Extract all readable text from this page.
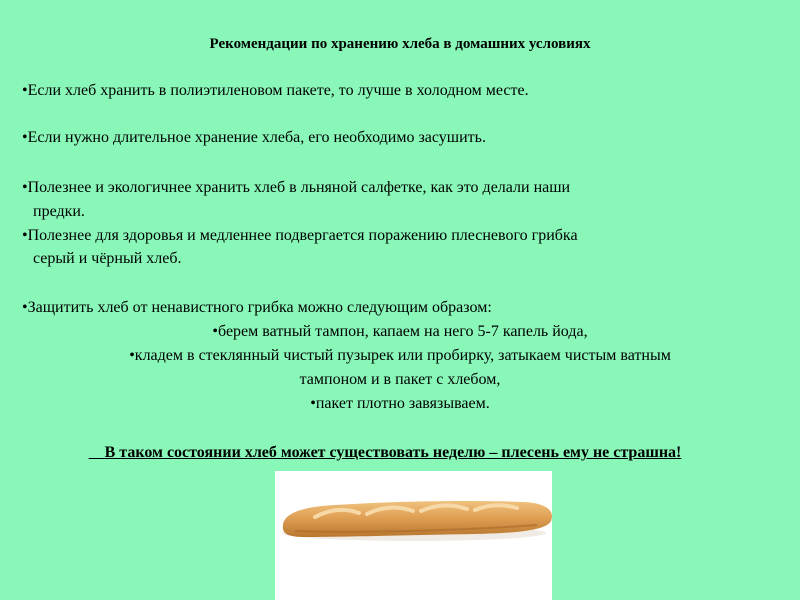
Рекомендации по хранению хлеба в домашних условиях
•Если хлеб хранить в полиэтиленовом пакете, то лучше в холодном месте.
•Если нужно длительное хранение хлеба, его необходимо засушить.
•Полезнее и экологичнее хранить хлеб в льняной салфетке, как это делали наши
предки.
•Полезнее для здоровья и медленнее подвергается поражению плесневого грибка
серый и чёрный хлеб.
•Защитить хлеб от ненавистного грибка можно следующим образом:
•берем ватный тампон, капаем на него 5-7 капель йода,
•кладем в стеклянный чистый пузырек или пробирку, затыкаем чистым ватным
тампоном и в пакет с хлебом,
•пакет плотно завязываем.
В таком состоянии хлеб может существовать неделю – плесень ему не страшна!
